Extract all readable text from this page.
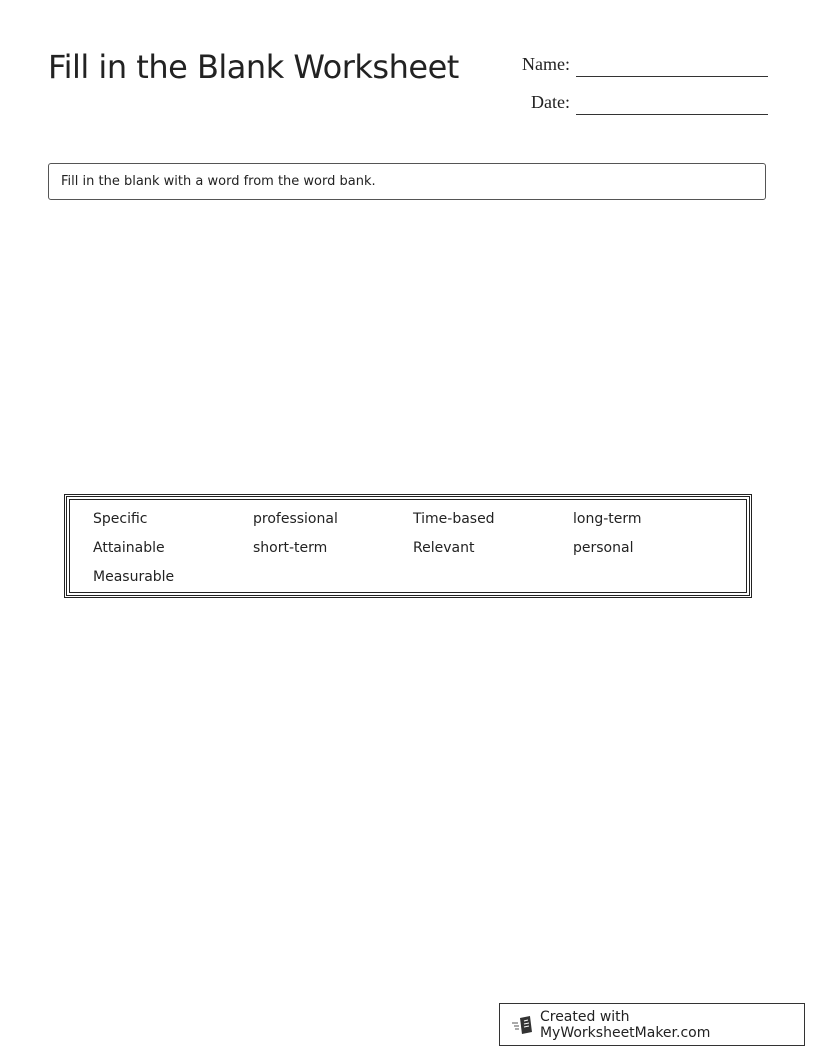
Fill in the Blank Worksheet	Name:
Date:
Fill in the blank with a word from the word bank.
Specific	professional	Time-based	long-term
Attainable	short-term	Relevant	personal
Measurable
Created with MyWorksheetMaker.com
